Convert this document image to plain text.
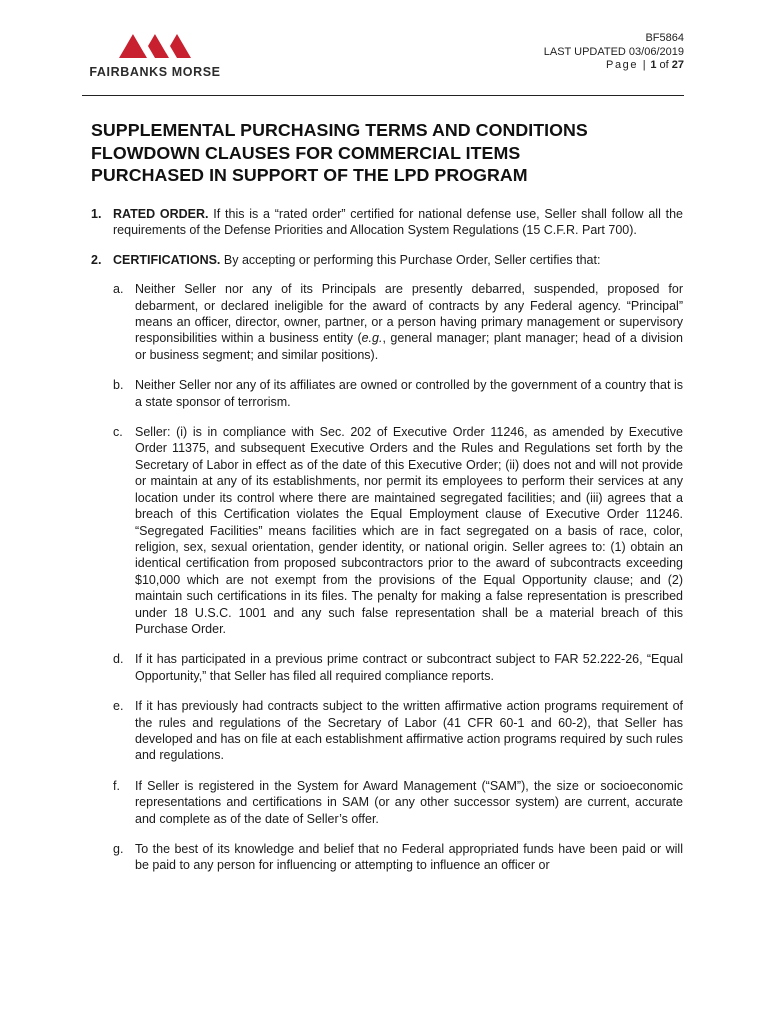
FAIRBANKS MORSE
BF5864
LAST UPDATED 03/06/2019
Page | 1 of 27
SUPPLEMENTAL PURCHASING TERMS AND CONDITIONS
FLOWDOWN CLAUSES FOR COMMERCIAL ITEMS
PURCHASED IN SUPPORT OF THE LPD PROGRAM
1. RATED ORDER. If this is a “rated order” certified for national defense use, Seller shall follow all the requirements of the Defense Priorities and Allocation System Regulations (15 C.F.R. Part 700).
2. CERTIFICATIONS. By accepting or performing this Purchase Order, Seller certifies that:
a. Neither Seller nor any of its Principals are presently debarred, suspended, proposed for debarment, or declared ineligible for the award of contracts by any Federal agency. “Principal” means an officer, director, owner, partner, or a person having primary management or supervisory responsibilities within a business entity (e.g., general manager; plant manager; head of a division or business segment; and similar positions).
b. Neither Seller nor any of its affiliates are owned or controlled by the government of a country that is a state sponsor of terrorism.
c. Seller: (i) is in compliance with Sec. 202 of Executive Order 11246, as amended by Executive Order 11375, and subsequent Executive Orders and the Rules and Regulations set forth by the Secretary of Labor in effect as of the date of this Executive Order; (ii) does not and will not provide or maintain at any of its establishments, nor permit its employees to perform their services at any location under its control where there are maintained segregated facilities; and (iii) agrees that a breach of this Certification violates the Equal Employment clause of Executive Order 11246. “Segregated Facilities” means facilities which are in fact segregated on a basis of race, color, religion, sex, sexual orientation, gender identity, or national origin. Seller agrees to: (1) obtain an identical certification from proposed subcontractors prior to the award of subcontracts exceeding $10,000 which are not exempt from the provisions of the Equal Opportunity clause; and (2) maintain such certifications in its files. The penalty for making a false representation is prescribed under 18 U.S.C. 1001 and any such false representation shall be a material breach of this Purchase Order.
d. If it has participated in a previous prime contract or subcontract subject to FAR 52.222-26, “Equal Opportunity,” that Seller has filed all required compliance reports.
e. If it has previously had contracts subject to the written affirmative action programs requirement of the rules and regulations of the Secretary of Labor (41 CFR 60-1 and 60-2), that Seller has developed and has on file at each establishment affirmative action programs required by such rules and regulations.
f. If Seller is registered in the System for Award Management (“SAM”), the size or socioeconomic representations and certifications in SAM (or any other successor system) are current, accurate and complete as of the date of Seller’s offer.
g. To the best of its knowledge and belief that no Federal appropriated funds have been paid or will be paid to any person for influencing or attempting to influence an officer or
